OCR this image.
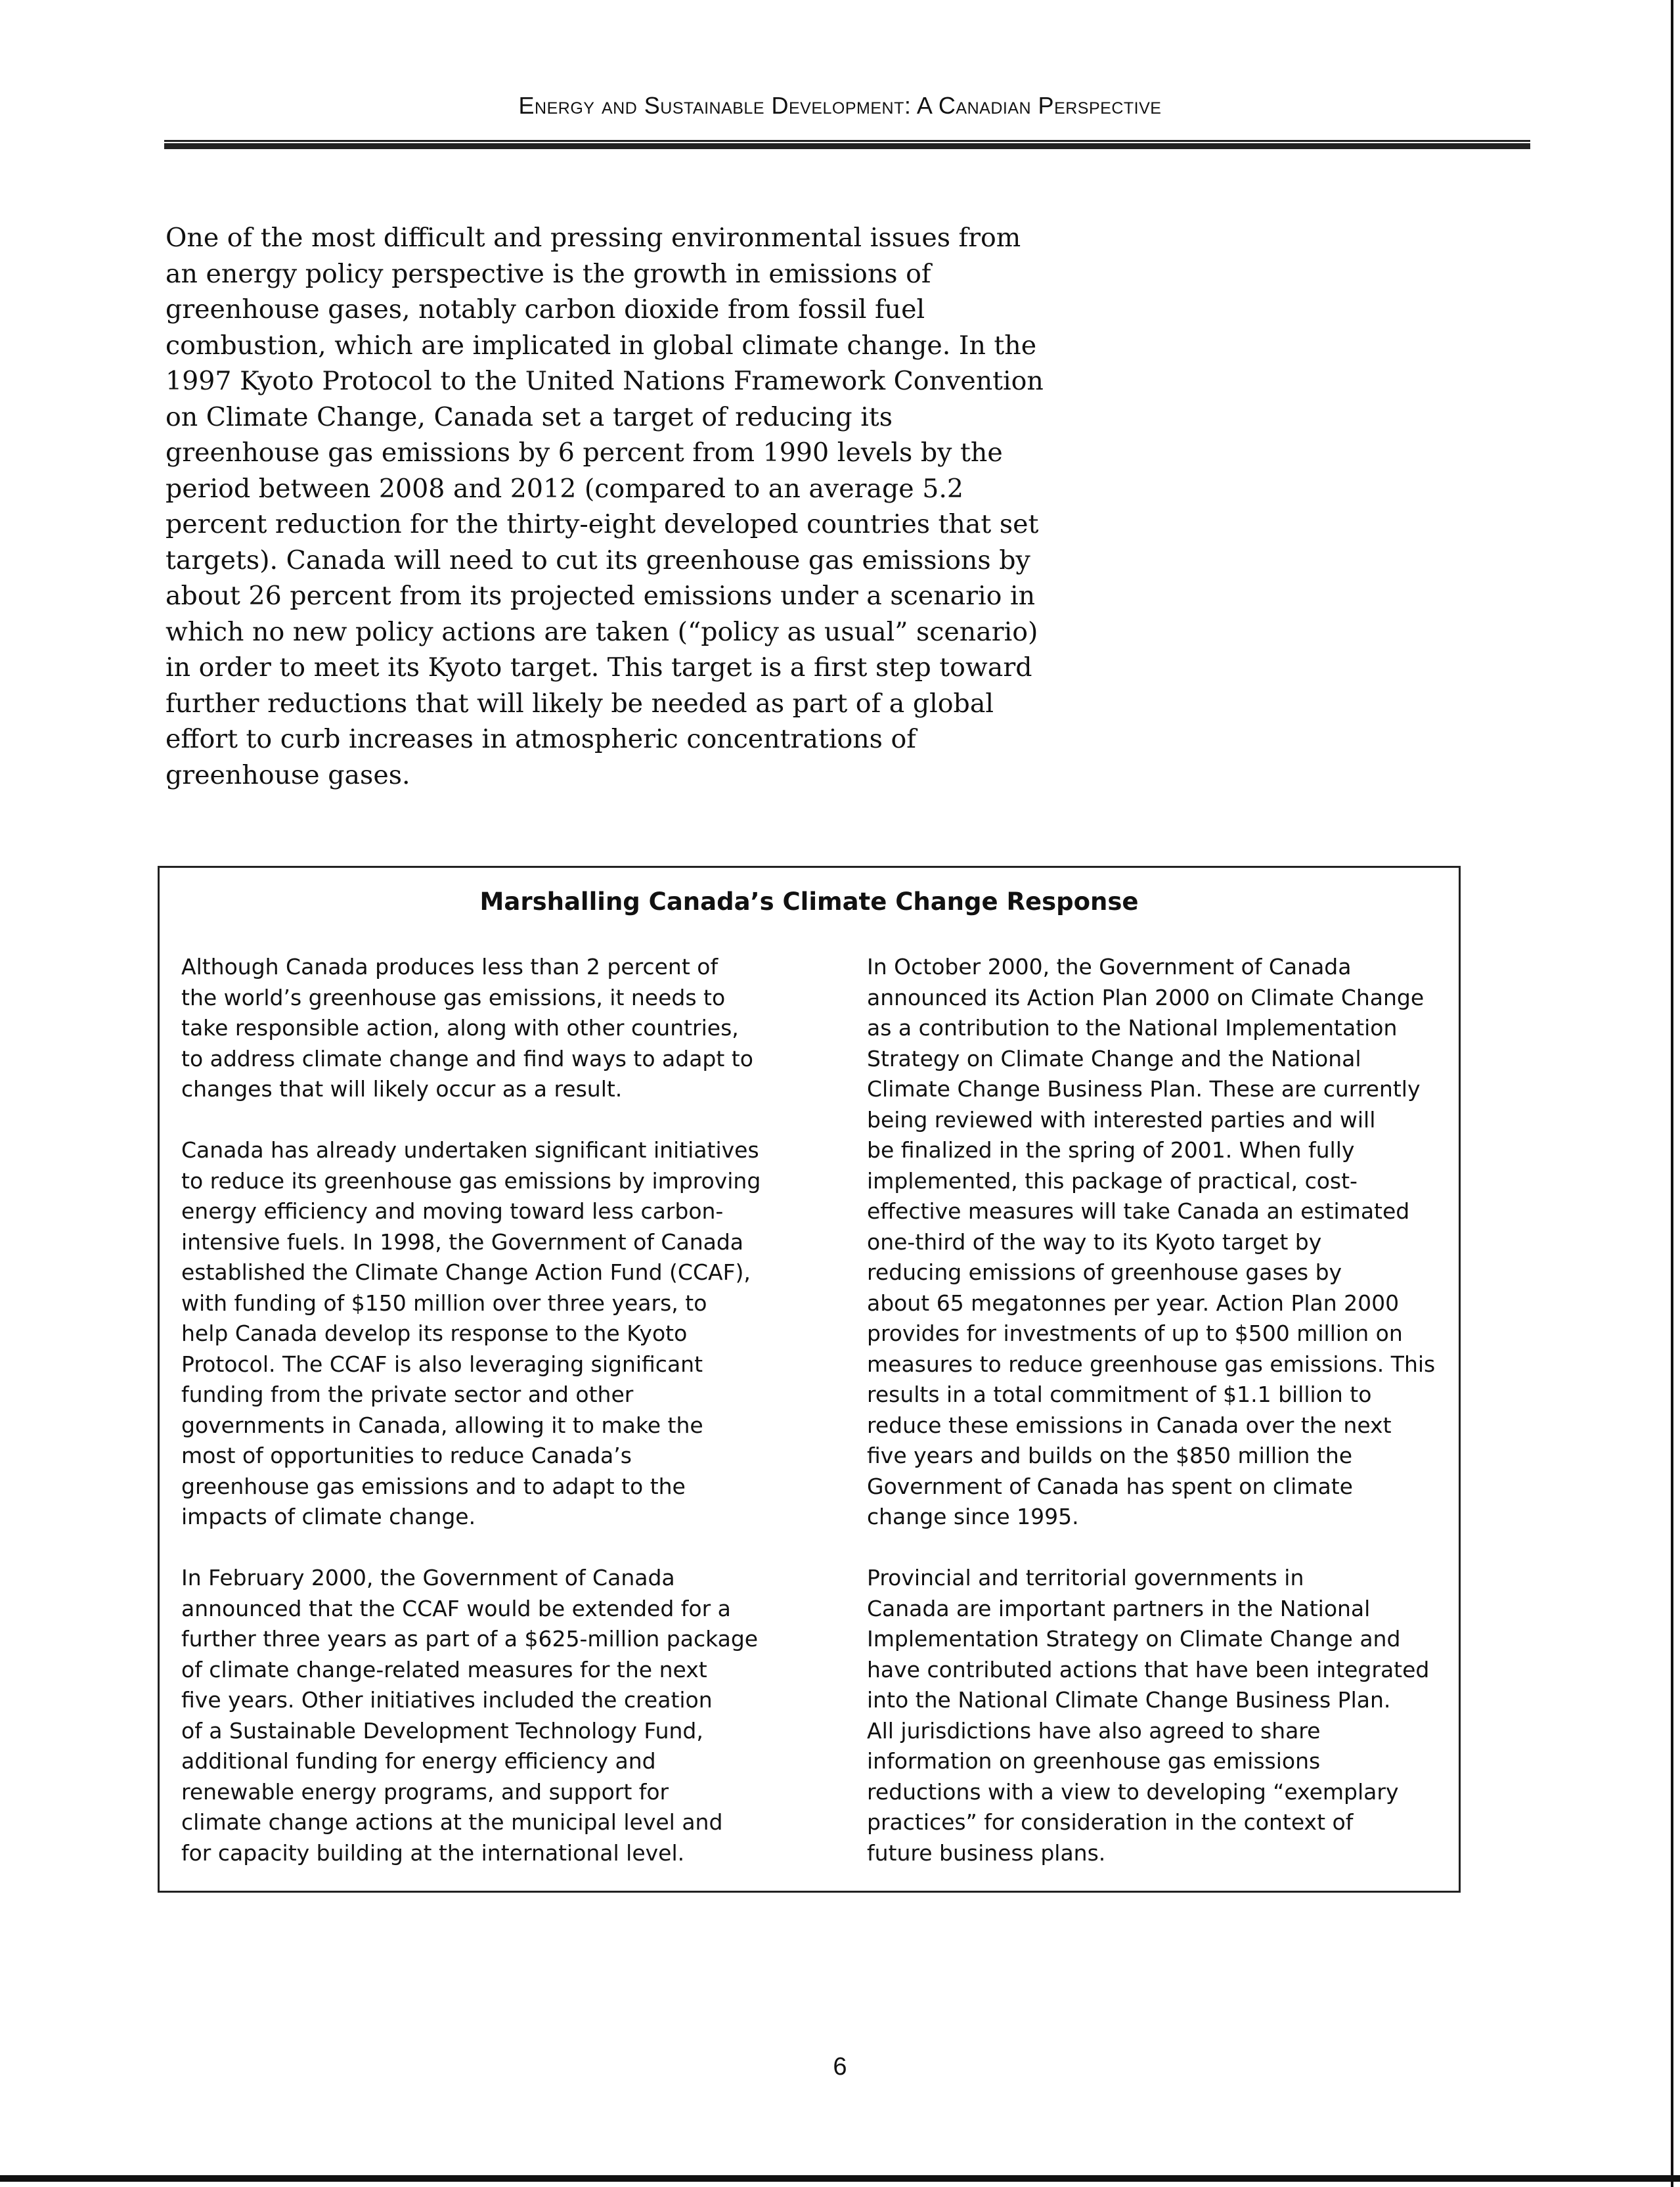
Energy and Sustainable Development: A Canadian Perspective

One of the most difficult and pressing environmental issues from an energy policy perspective is the growth in emissions of greenhouse gases, notably carbon dioxide from fossil fuel combustion, which are implicated in global climate change. In the 1997 Kyoto Protocol to the United Nations Framework Convention on Climate Change, Canada set a target of reducing its greenhouse gas emissions by 6 percent from 1990 levels by the period between 2008 and 2012 (compared to an average 5.2 percent reduction for the thirty-eight developed countries that set targets). Canada will need to cut its greenhouse gas emissions by about 26 percent from its projected emissions under a scenario in which no new policy actions are taken (“policy as usual” scenario) in order to meet its Kyoto target. This target is a first step toward further reductions that will likely be needed as part of a global effort to curb increases in atmospheric concentrations of greenhouse gases.

Marshalling Canada’s Climate Change Response

Although Canada produces less than 2 percent of
the world’s greenhouse gas emissions, it needs to
take responsible action, along with other countries,
to address climate change and find ways to adapt to
changes that will likely occur as a result.

Canada has already undertaken significant initiatives
to reduce its greenhouse gas emissions by improving
energy efficiency and moving toward less carbon-
intensive fuels. In 1998, the Government of Canada
established the Climate Change Action Fund (CCAF),
with funding of $150 million over three years, to
help Canada develop its response to the Kyoto
Protocol. The CCAF is also leveraging significant
funding from the private sector and other
governments in Canada, allowing it to make the
most of opportunities to reduce Canada’s
greenhouse gas emissions and to adapt to the
impacts of climate change.

In February 2000, the Government of Canada
announced that the CCAF would be extended for a
further three years as part of a $625-million package
of climate change-related measures for the next
five years. Other initiatives included the creation
of a Sustainable Development Technology Fund,
additional funding for energy efficiency and
renewable energy programs, and support for
climate change actions at the municipal level and
for capacity building at the international level.

In October 2000, the Government of Canada
announced its Action Plan 2000 on Climate Change
as a contribution to the National Implementation
Strategy on Climate Change and the National
Climate Change Business Plan. These are currently
being reviewed with interested parties and will
be finalized in the spring of 2001. When fully
implemented, this package of practical, cost-
effective measures will take Canada an estimated
one-third of the way to its Kyoto target by
reducing emissions of greenhouse gases by
about 65 megatonnes per year. Action Plan 2000
provides for investments of up to $500 million on
measures to reduce greenhouse gas emissions. This
results in a total commitment of $1.1 billion to
reduce these emissions in Canada over the next
five years and builds on the $850 million the
Government of Canada has spent on climate
change since 1995.

Provincial and territorial governments in
Canada are important partners in the National
Implementation Strategy on Climate Change and
have contributed actions that have been integrated
into the National Climate Change Business Plan.
All jurisdictions have also agreed to share
information on greenhouse gas emissions
reductions with a view to developing “exemplary
practices” for consideration in the context of
future business plans.

6
